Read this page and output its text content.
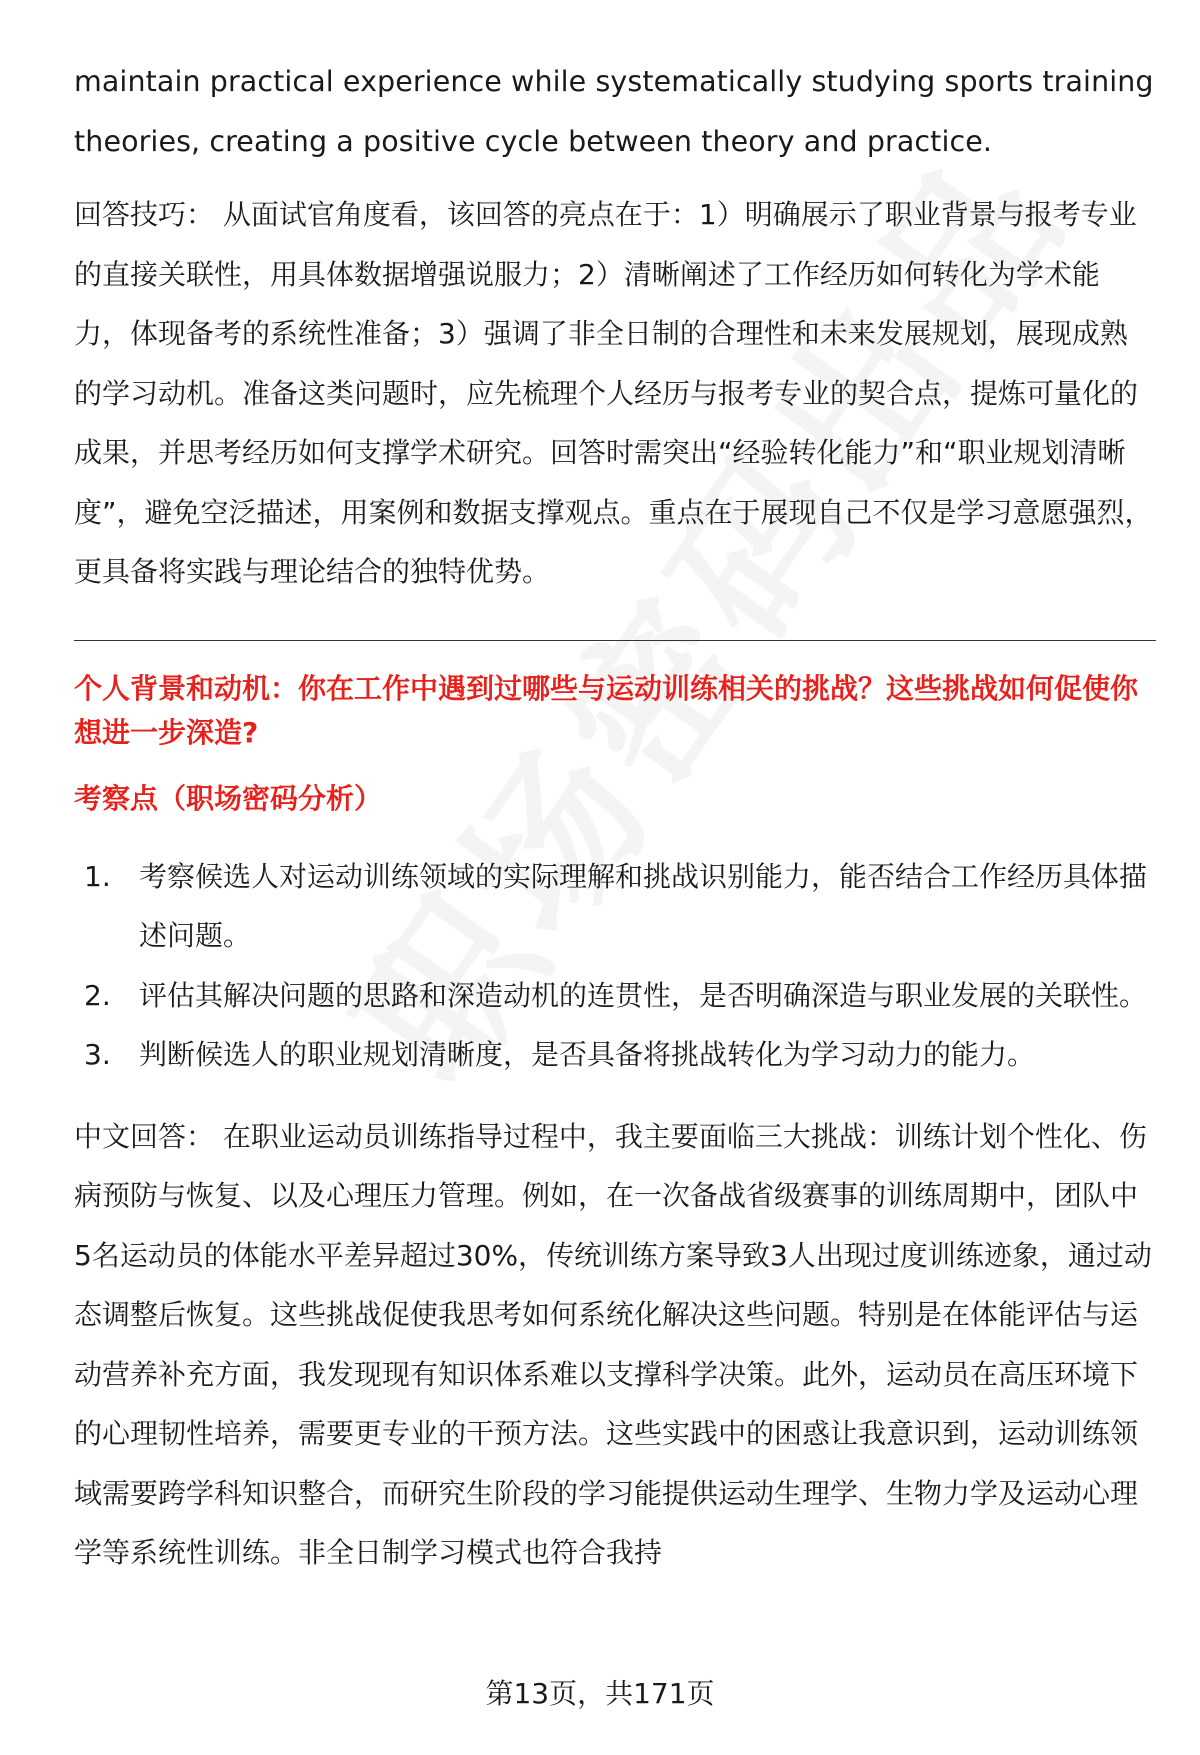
maintain practical experience while systematically studying sports training theories, creating a positive cycle between theory and practice.

回答技巧： 从面试官角度看，该回答的亮点在于：1）明确展示了职业背景与报考专业的直接关联性，用具体数据增强说服力；2）清晰阐述了工作经历如何转化为学术能力，体现备考的系统性准备；3）强调了非全日制的合理性和未来发展规划，展现成熟的学习动机。准备这类问题时，应先梳理个人经历与报考专业的契合点，提炼可量化的成果，并思考经历如何支撑学术研究。回答时需突出“经验转化能力”和“职业规划清晰度”，避免空泛描述，用案例和数据支撑观点。重点在于展现自己不仅是学习意愿强烈，更具备将实践与理论结合的独特优势。

个人背景和动机：你在工作中遇到过哪些与运动训练相关的挑战？这些挑战如何促使你想进一步深造?

考察点（职场密码分析）

1.	考察候选人对运动训练领域的实际理解和挑战识别能力，能否结合工作经历具体描述问题。
2.	评估其解决问题的思路和深造动机的连贯性，是否明确深造与职业发展的关联性。
3.	判断候选人的职业规划清晰度，是否具备将挑战转化为学习动力的能力。

中文回答： 在职业运动员训练指导过程中，我主要面临三大挑战：训练计划个性化、伤病预防与恢复、以及心理压力管理。例如，在一次备战省级赛事的训练周期中，团队中5名运动员的体能水平差异超过30%，传统训练方案导致3人出现过度训练迹象，通过动态调整后恢复。这些挑战促使我思考如何系统化解决这些问题。特别是在体能评估与运动营养补充方面，我发现现有知识体系难以支撑科学决策。此外，运动员在高压环境下的心理韧性培养，需要更专业的干预方法。这些实践中的困惑让我意识到，运动训练领域需要跨学科知识整合，而研究生阶段的学习能提供运动生理学、生物力学及运动心理学等系统性训练。非全日制学习模式也符合我持

第13页，共171页
